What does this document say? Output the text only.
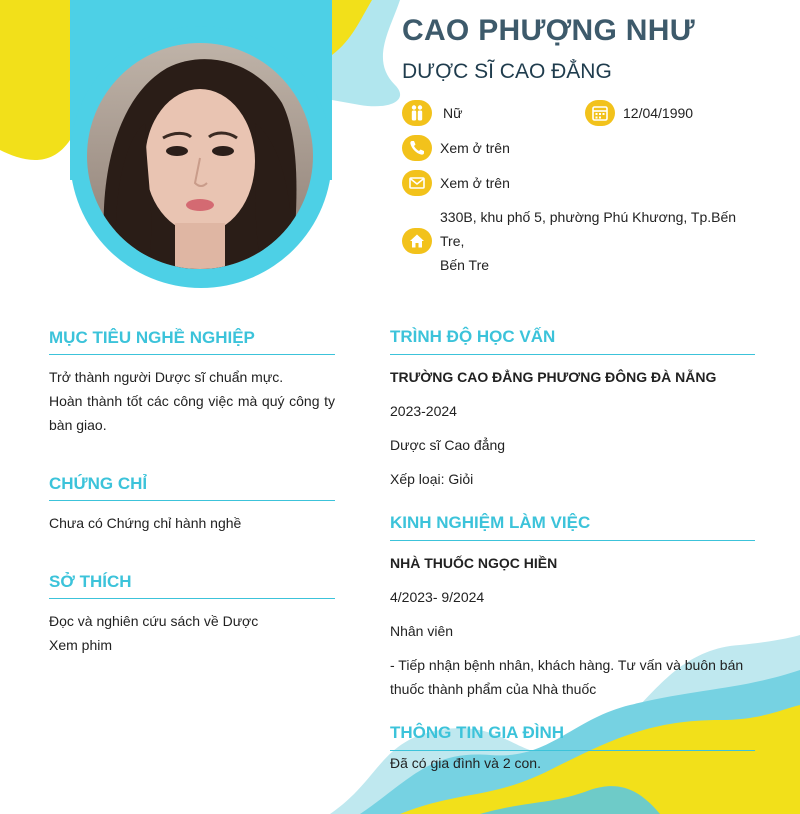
CAO PHƯỢNG NHƯ
DƯỢC SĨ CAO ĐẲNG
Nữ	12/04/1990
Xem ở trên
Xem ở trên
330B, khu phố 5, phường Phú Khương, Tp.Bến Tre,
Bến Tre
MỤC TIÊU NGHỀ NGHIỆP
Trở thành người Dược sĩ chuẩn mực.
Hoàn thành tốt các công việc mà quý công ty bàn giao.
CHỨNG CHỈ
Chưa có Chứng chỉ hành nghề
SỞ THÍCH
Đọc và nghiên cứu sách về Dược
Xem phim
TRÌNH ĐỘ HỌC VẤN
TRƯỜNG CAO ĐẲNG PHƯƠNG ĐÔNG ĐÀ NẴNG
2023-2024
Dược sĩ Cao đẳng
Xếp loại: Giỏi
KINH NGHIỆM LÀM VIỆC
NHÀ THUỐC NGỌC HIỀN
4/2023- 9/2024
Nhân viên
- Tiếp nhận bệnh nhân, khách hàng. Tư vấn và buôn bán thuốc thành phẩm của Nhà thuốc
THÔNG TIN GIA ĐÌNH
Đã có gia đình và 2 con.
